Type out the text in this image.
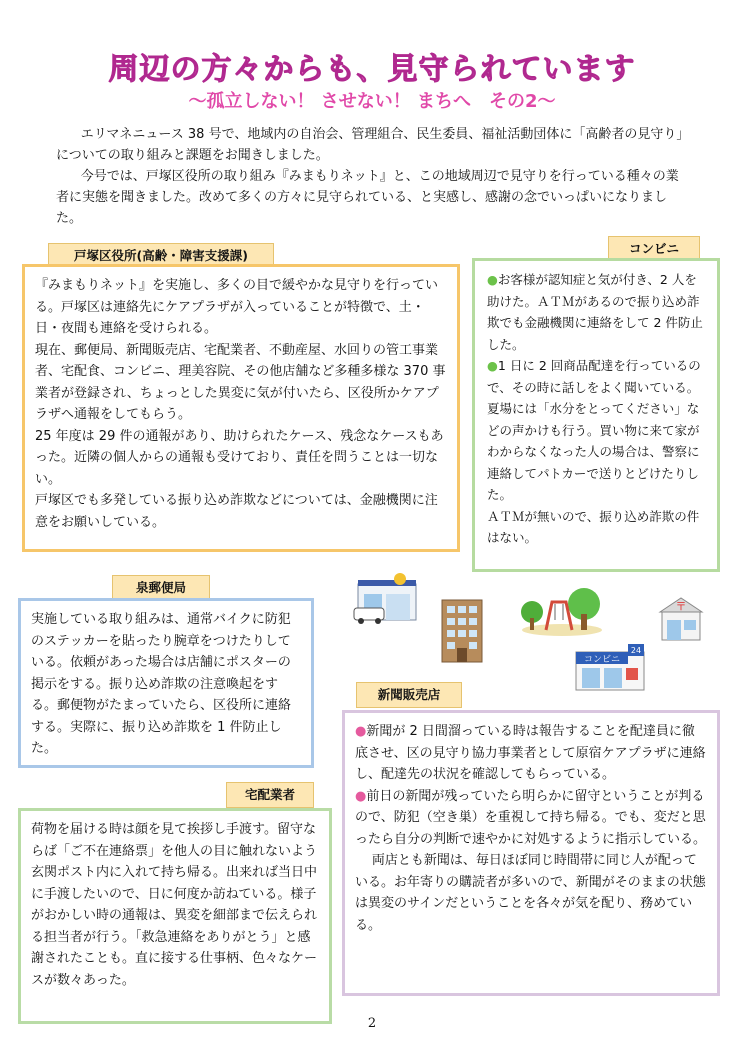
周辺の方々からも、見守られています
〜孤立しない！ させない！ まちへ　その2〜

エリマネニュース 38 号で、地域内の自治会、管理組合、民生委員、福祉活動団体に「高齢者の見守り」についての取り組みと課題をお聞きしました。

今号では、戸塚区役所の取り組み『みまもりネット』と、この地域周辺で見守りを行っている種々の業者に実態を聞きました。改めて多くの方々に見守られている、と実感し、感謝の念でいっぱいになりました。

戸塚区役所(高齢・障害支援課)

『みまもりネット』を実施し、多くの目で緩やかな見守りを行っている。戸塚区は連絡先にケアプラザが入っていることが特徴で、土・日・夜間も連絡を受けられる。

現在、郵便局、新聞販売店、宅配業者、不動産屋、水回りの管工事業者、宅配食、コンビニ、理美容院、その他店舗など多種多様な 370 事業者が登録され、ちょっとした異変に気が付いたら、区役所かケアプラザへ通報をしてもらう。

25 年度は 29 件の通報があり、助けられたケース、残念なケースもあった。近隣の個人からの通報も受けており、責任を問うことは一切ない。

戸塚区でも多発している振り込め詐欺などについては、金融機関に注意をお願いしている。

コンビニ

●お客様が認知症と気が付き、2 人を助けた。ＡＴＭがあるので振り込め詐欺でも金融機関に連絡をして 2 件防止した。

●1 日に 2 回商品配達を行っているので、その時に話しをよく聞いている。夏場には「水分をとってください」などの声かけも行う。買い物に来て家がわからなくなった人の場合は、警察に連絡してパトカーで送りとどけたりした。

ＡＴＭが無いので、振り込め詐欺の件はない。

泉郵便局

実施している取り組みは、通常バイクに防犯のステッカーを貼ったり腕章をつけたりしている。依頼があった場合は店舗にポスターの掲示をする。振り込め詐欺の注意喚起をする。郵便物がたまっていたら、区役所に連絡する。実際に、振り込め詐欺を 1 件防止した。

宅配業者

荷物を届ける時は顔を見て挨拶し手渡す。留守ならば「ご不在連絡票」を他人の目に触れないよう玄関ポスト内に入れて持ち帰る。出来れば当日中に手渡したいので、日に何度か訪ねている。様子がおかしい時の通報は、異変を細部まで伝えられる担当者が行う。「救急連絡をありがとう」と感謝されたことも。直に接する仕事柄、色々なケースが数々あった。

新聞販売店

●新聞が 2 日間溜っている時は報告することを配達員に徹底させ、区の見守り協力事業者として原宿ケアプラザに連絡し、配達先の状況を確認してもらっている。

●前日の新聞が残っていたら明らかに留守ということが判るので、防犯（空き巣）を重視して持ち帰る。でも、変だと思ったら自分の判断で速やかに対処するように指示している。

両店とも新聞は、毎日ほぼ同じ時間帯に同じ人が配っている。お年寄りの購読者が多いので、新聞がそのままの状態は異変のサインだということを各々が気を配り、務めている。

〒
コンビニ
24
2
